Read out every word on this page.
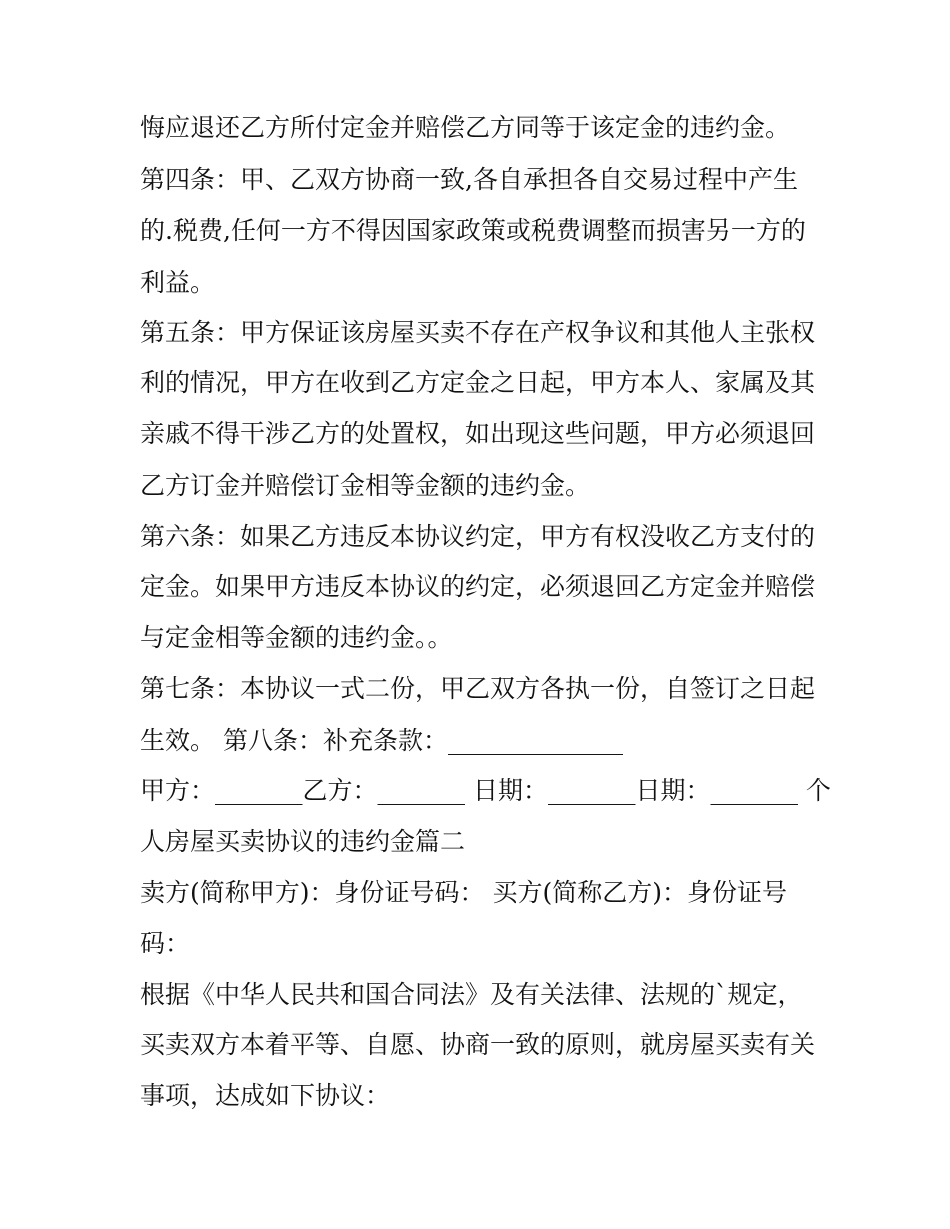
悔应退还乙方所付定金并赔偿乙方同等于该定金的违约金。
第四条：甲、乙双方协商一致,各自承担各自交易过程中产生
的.税费,任何一方不得因国家政策或税费调整而损害另一方的
利益。
第五条：甲方保证该房屋买卖不存在产权争议和其他人主张权
利的情况，甲方在收到乙方定金之日起，甲方本人、家属及其
亲戚不得干涉乙方的处置权，如出现这些问题，甲方必须退回
乙方订金并赔偿订金相等金额的违约金。
第六条：如果乙方违反本协议约定，甲方有权没收乙方支付的
定金。如果甲方违反本协议的约定，必须退回乙方定金并赔偿
与定金相等金额的违约金。。
第七条：本协议一式二份，甲乙双方各执一份，自签订之日起
生效。 第八条：补充条款：______________
甲方：_______乙方：_______ 日期：_______日期：_______ 个
人房屋买卖协议的违约金篇二
卖方(简称甲方)：身份证号码： 买方(简称乙方)：身份证号
码：
根据《中华人民共和国合同法》及有关法律、法规的`规定，
买卖双方本着平等、自愿、协商一致的原则，就房屋买卖有关
事项，达成如下协议：
